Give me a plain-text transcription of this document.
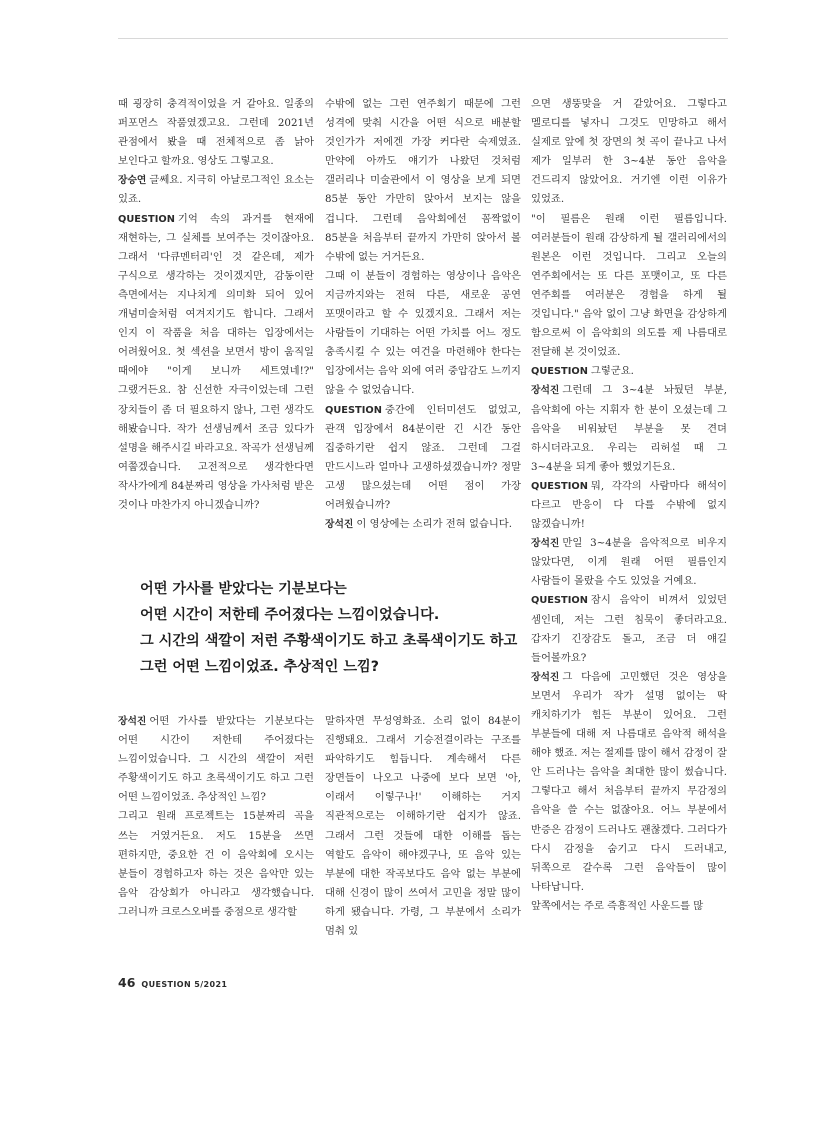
때 굉장히 충격적이었을 거 같아요. 일종의 퍼포먼스 작품였겠고요. 그런데 2021년 관점에서 봤을 때 전체적으로 좀 낡아 보인다고 할까요. 영상도 그렇고요.

장승연 글쎄요. 지극히 아날로그적인 요소는 있죠.

QUESTION 기억 속의 과거를 현재에 재현하는, 그 실체를 보여주는 것이잖아요. 그래서 '다큐멘터리'인 것 같은데, 제가 구식으로 생각하는 것이겠지만, 감동이란 측면에서는 지나치게 의미화 되어 있어 개념미술처럼 여겨지기도 합니다. 그래서 인지 이 작품을 처음 대하는 입장에서는 어려웠어요. 첫 섹션을 보면서 방이 움직일 때에야 "이게 보니까 세트였네!?" 그랬거든요. 참 신선한 자극이었는데 그런 장치들이 좀 더 필요하지 않나, 그런 생각도 해봤습니다. 작가 선생님께서 조금 있다가 설명을 해주시길 바라고요. 작곡가 선생님께 여쭙겠습니다. 고전적으로 생각한다면 작사가에게 84분짜리 영상을 가사처럼 받은 것이나 마찬가지 아니겠습니까?

수밖에 없는 그런 연주회기 때문에 그런 성격에 맞춰 시간을 어떤 식으로 배분할 것인가가 저에겐 가장 커다란 숙제였죠. 만약에 아까도 얘기가 나왔던 것처럼 갤러리나 미술관에서 이 영상을 보게 되면 85분 동안 가만히 앉아서 보지는 않을 겁니다. 그런데 음악회에선 꼼짝없이 85분을 처음부터 끝까지 가만히 앉아서 볼 수밖에 없는 거거든요.

그때 이 분들이 경험하는 영상이나 음악은 지금까지와는 전혀 다른, 새로운 공연 포맷이라고 할 수 있겠지요. 그래서 저는 사람들이 기대하는 어떤 가치를 어느 정도 충족시킬 수 있는 여건을 마련해야 한다는 입장에서는 음악 외에 여러 중압감도 느끼지 않을 수 없었습니다.

QUESTION 중간에 인터미션도 없었고, 관객 입장에서 84분이란 긴 시간 동안 집중하기란 쉽지 않죠. 그런데 그걸 만드시느라 얼마나 고생하셨겠습니까? 정말 고생 많으셨는데 어떤 점이 가장 어려웠습니까?

장석진 이 영상에는 소리가 전혀 없습니다.

으면 생뚱맞을 거 같았어요. 그렇다고 멜로디를 넣자니 그것도 민망하고 해서 실제로 앞에 첫 장면의 첫 곡이 끝나고 나서 제가 일부러 한 3~4분 동안 음악을 건드리지 않았어요. 거기엔 이런 이유가 있었죠.

"이 필름은 원래 이런 필름입니다. 여러분들이 원래 감상하게 될 갤러리에서의 원본은 이런 것입니다. 그리고 오늘의 연주회에서는 또 다른 포맷이고, 또 다른 연주회를 여러분은 경험을 하게 될 것입니다." 음악 없이 그냥 화면을 감상하게 함으로써 이 음악회의 의도를 제 나름대로 전달해 본 것이었죠.

QUESTION 그렇군요.

장석진 그런데 그 3~4분 놔뒀던 부분, 음악회에 아는 지휘자 한 분이 오셨는데 그 음악을 비워놨던 부분을 못 견뎌 하시더라고요. 우리는 리허설 때 그 3~4분을 되게 좋아 했었기든요.

QUESTION 뭐, 각각의 사람마다 해석이 다르고 반응이 다 다를 수밖에 없지 않겠습니까!

장석진 만일 3~4분을 음악적으로 비우지 않았다면, 이게 원래 어떤 필름인지 사람들이 몰랐을 수도 있었을 거예요.

QUESTION 잠시 음악이 비껴서 있었던 셈인데, 저는 그런 침묵이 좋더라고요. 갑자기 긴장감도 돌고, 조금 더 얘길 들어볼까요?

장석진 그 다음에 고민했던 것은 영상을 보면서 우리가 작가 설명 없이는 딱 캐치하기가 힘든 부분이 있어요. 그런 부분들에 대해 저 나름대로 음악적 해석을 해야 했죠. 저는 절제를 많이 해서 감정이 잘 안 드러나는 음악을 최대한 많이 썼습니다. 그렇다고 해서 처음부터 끝까지 무감정의 음악을 쓸 수는 없잖아요. 어느 부분에서 반증은 감정이 드러나도 괜찮겠다. 그러다가 다시 감정을 숨기고 다시 드러내고, 뒤쪽으로 갈수록 그런 음악들이 많이 나타납니다.

앞쪽에서는 주로 즉흥적인 사운드를 많

어떤 가사를 받았다는 기분보다는
어떤 시간이 저한테 주어졌다는 느낌이었습니다.
그 시간의 색깔이 저런 주황색이기도 하고 초록색이기도 하고
그런 어떤 느낌이었죠. 추상적인 느낌?

장석진 어떤 가사를 받았다는 기분보다는 어떤 시간이 저한테 주어졌다는 느낌이었습니다. 그 시간의 색깔이 저런 주황색이기도 하고 초록색이기도 하고 그런 어떤 느낌이었죠. 추상적인 느낌?

그리고 원래 프로젝트는 15분짜리 곡을 쓰는 거였거든요. 저도 15분을 쓰면 편하지만, 중요한 건 이 음악회에 오시는 분들이 경험하고자 하는 것은 음악만 있는 음악 감상회가 아니라고 생각했습니다. 그러니까 크로스오버를 중점으로 생각할

말하자면 무성영화죠. 소리 없이 84분이 진행돼요. 그래서 기승전결이라는 구조를 파악하기도 힘듭니다. 계속해서 다른 장면들이 나오고 나중에 보다 보면 '아, 이래서 이렇구나!' 이해하는 거지 직관적으로는 이해하기란 쉽지가 않죠. 그래서 그런 것들에 대한 이해를 돕는 역할도 음악이 해야겠구나, 또 음악 있는 부분에 대한 작곡보다도 음악 없는 부분에 대해 신경이 많이 쓰여서 고민을 정말 많이 하게 됐습니다. 가령, 그 부분에서 소리가 멈춰 있

46 QUESTION 5/2021
